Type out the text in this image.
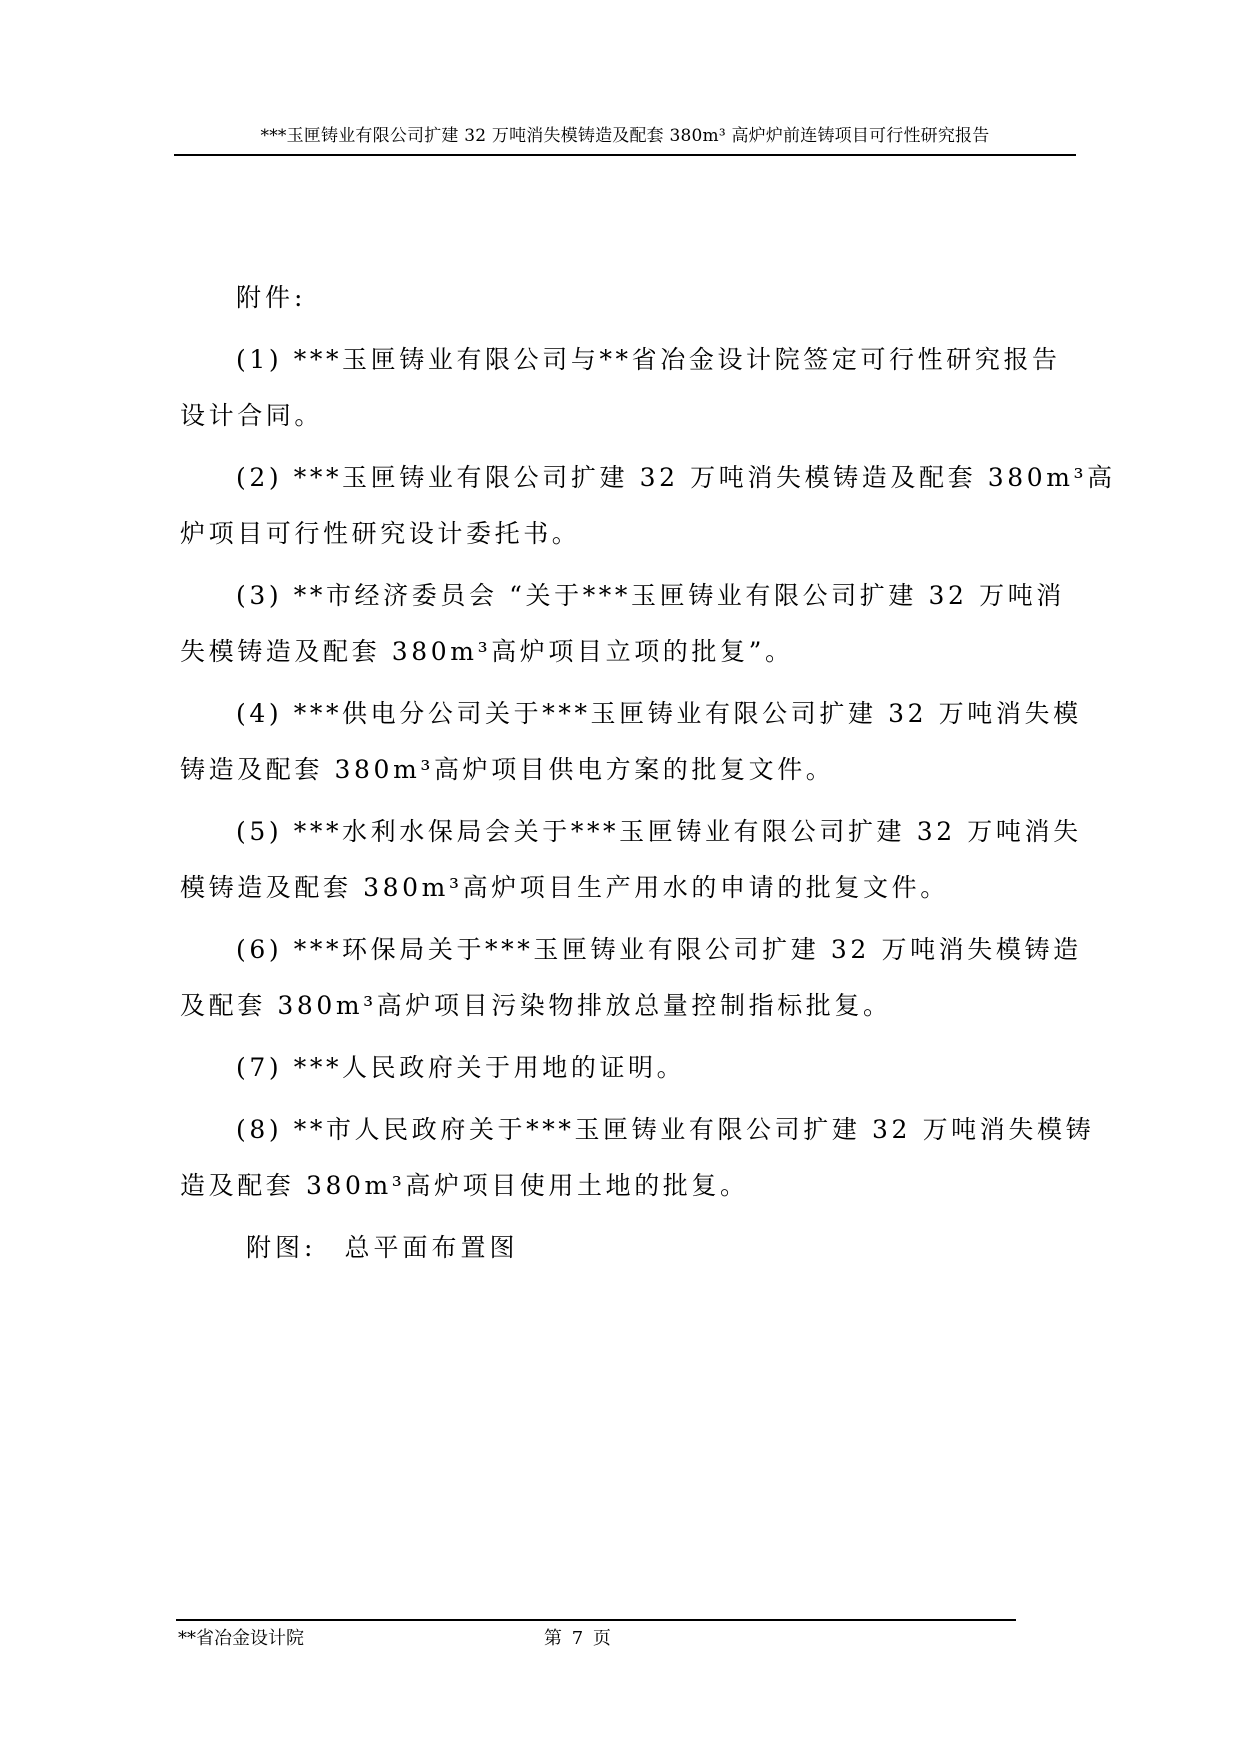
***玉匣铸业有限公司扩建 32 万吨消失模铸造及配套 380m³ 高炉炉前连铸项目可行性研究报告
附件:
(1) ***玉匣铸业有限公司与**省冶金设计院签定可行性研究报告
设计合同。
(2) ***玉匣铸业有限公司扩建 32 万吨消失模铸造及配套 380m³高
炉项目可行性研究设计委托书。
(3) **市经济委员会 “关于***玉匣铸业有限公司扩建 32 万吨消
失模铸造及配套 380m³高炉项目立项的批复”。
(4) ***供电分公司关于***玉匣铸业有限公司扩建 32 万吨消失模
铸造及配套 380m³高炉项目供电方案的批复文件。
(5) ***水利水保局会关于***玉匣铸业有限公司扩建 32 万吨消失
模铸造及配套 380m³高炉项目生产用水的申请的批复文件。
(6) ***环保局关于***玉匣铸业有限公司扩建 32 万吨消失模铸造
及配套 380m³高炉项目污染物排放总量控制指标批复。
(7) ***人民政府关于用地的证明。
(8) **市人民政府关于***玉匣铸业有限公司扩建 32 万吨消失模铸
造及配套 380m³高炉项目使用土地的批复。
附图: 总平面布置图
**省冶金设计院	第 7 页
